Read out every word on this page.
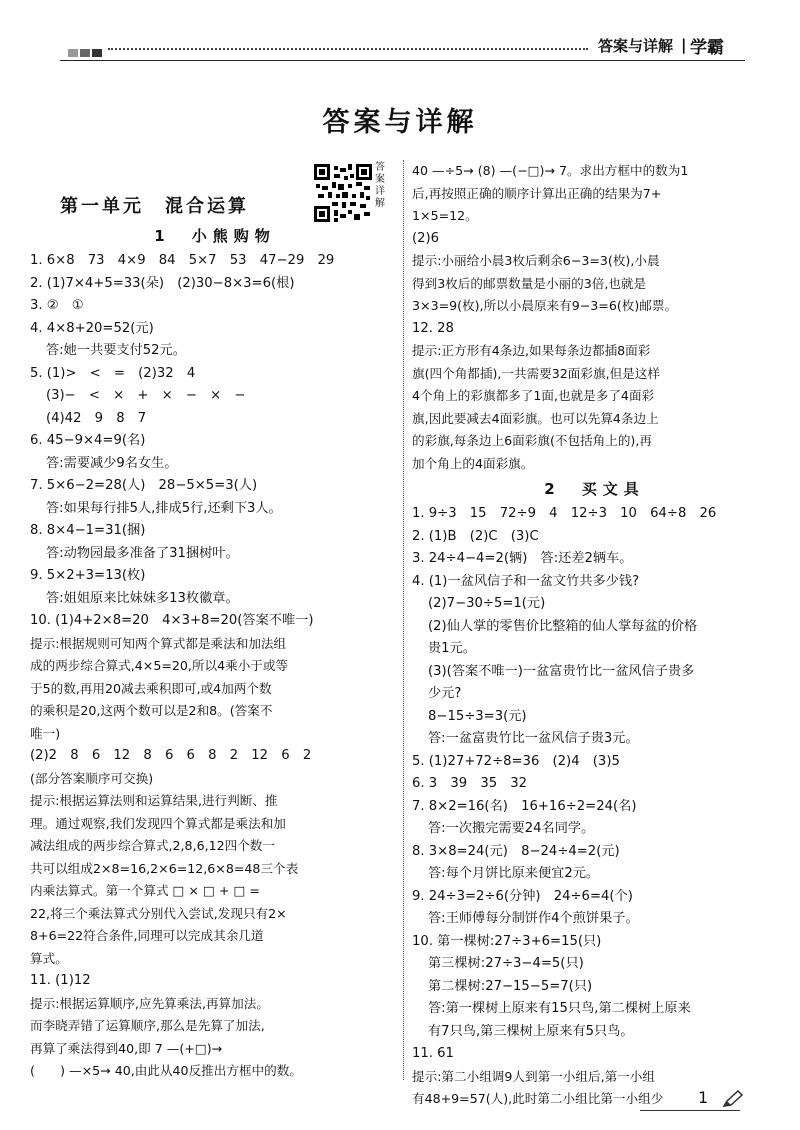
答案与详解 | 学霸
答案与详解
第一单元　混合运算
答案详解
1　小熊购物
1. 6×8　73　4×9　84　5×7　53　47−29　29
2. (1)7×4+5=33(朵)　(2)30−8×3=6(根)
3. ②　①
4. 4×8+20=52(元)
答:她一共要支付52元。
5. (1)>　<　=　(2)32　4
(3)−　<　×　+　×　−　×　−
(4)42　9　8　7
6. 45−9×4=9(名)
答:需要减少9名女生。
7. 5×6−2=28(人)　28−5×5=3(人)
答:如果每行排5人,排成5行,还剩下3人。
8. 8×4−1=31(捆)
答:动物园最多准备了31捆树叶。
9. 5×2+3=13(枚)
答:姐姐原来比妹妹多13枚徽章。
10. (1)4+2×8=20　4×3+8=20(答案不唯一)
提示:根据规则可知两个算式都是乘法和加法组
成的两步综合算式,4×5=20,所以4乘小于或等
于5的数,再用20减去乘积即可,或4加两个数
的乘积是20,这两个数可以是2和8。(答案不
唯一)
(2)2　8　6　12　8　6　6　8　2　12　6　2
(部分答案顺序可交换)
提示:根据运算法则和运算结果,进行判断、推
理。通过观察,我们发现四个算式都是乘法和加
减法组成的两步综合算式,2,8,6,12四个数一
共可以组成2×8=16,2×6=12,6×8=48三个表
内乘法算式。第一个算式 □ × □ + □ =
22,将三个乘法算式分别代入尝试,发现只有2×
8+6=22符合条件,同理可以完成其余几道
算式。
11. (1)12
提示:根据运算顺序,应先算乘法,再算加法。
而李晓弄错了运算顺序,那么是先算了加法,
再算了乘法得到40,即 7 —(+□)→
(　　) —×5→ 40,由此从40反推出方框中的数。
40 —÷5→ (8) —(−□)→ 7。求出方框中的数为1
后,再按照正确的顺序计算出正确的结果为7+
1×5=12。
(2)6
提示:小丽给小晨3枚后剩余6−3=3(枚),小晨
得到3枚后的邮票数量是小丽的3倍,也就是
3×3=9(枚),所以小晨原来有9−3=6(枚)邮票。
12. 28
提示:正方形有4条边,如果每条边都插8面彩
旗(四个角都插),一共需要32面彩旗,但是这样
4个角上的彩旗都多了1面,也就是多了4面彩
旗,因此要减去4面彩旗。也可以先算4条边上
的彩旗,每条边上6面彩旗(不包括角上的),再
加个角上的4面彩旗。
2　买文具
1. 9÷3　15　72÷9　4　12÷3　10　64÷8　26
2. (1)B　(2)C　(3)C
3. 24÷4−4=2(辆)　答:还差2辆车。
4. (1)一盆风信子和一盆文竹共多少钱?
(2)7−30÷5=1(元)
(2)仙人掌的零售价比整箱的仙人掌每盆的价格
贵1元。
(3)(答案不唯一)一盆富贵竹比一盆风信子贵多
少元?
8−15÷3=3(元)
答:一盆富贵竹比一盆风信子贵3元。
5. (1)27+72÷8=36　(2)4　(3)5
6. 3　39　35　32
7. 8×2=16(名)　16+16÷2=24(名)
答:一次搬完需要24名同学。
8. 3×8=24(元)　8−24÷4=2(元)
答:每个月饼比原来便宜2元。
9. 24÷3=2÷6(分钟)　24÷6=4(个)
答:王师傅每分制饼作4个煎饼果子。
10. 第一棵树:27÷3+6=15(只)
第三棵树:27÷3−4=5(只)
第二棵树:27−15−5=7(只)
答:第一棵树上原来有15只鸟,第二棵树上原来
有7只鸟,第三棵树上原来有5只鸟。
11. 61
提示:第二小组调9人到第一小组后,第一小组
有48+9=57(人),此时第二小组比第一小组少	1
